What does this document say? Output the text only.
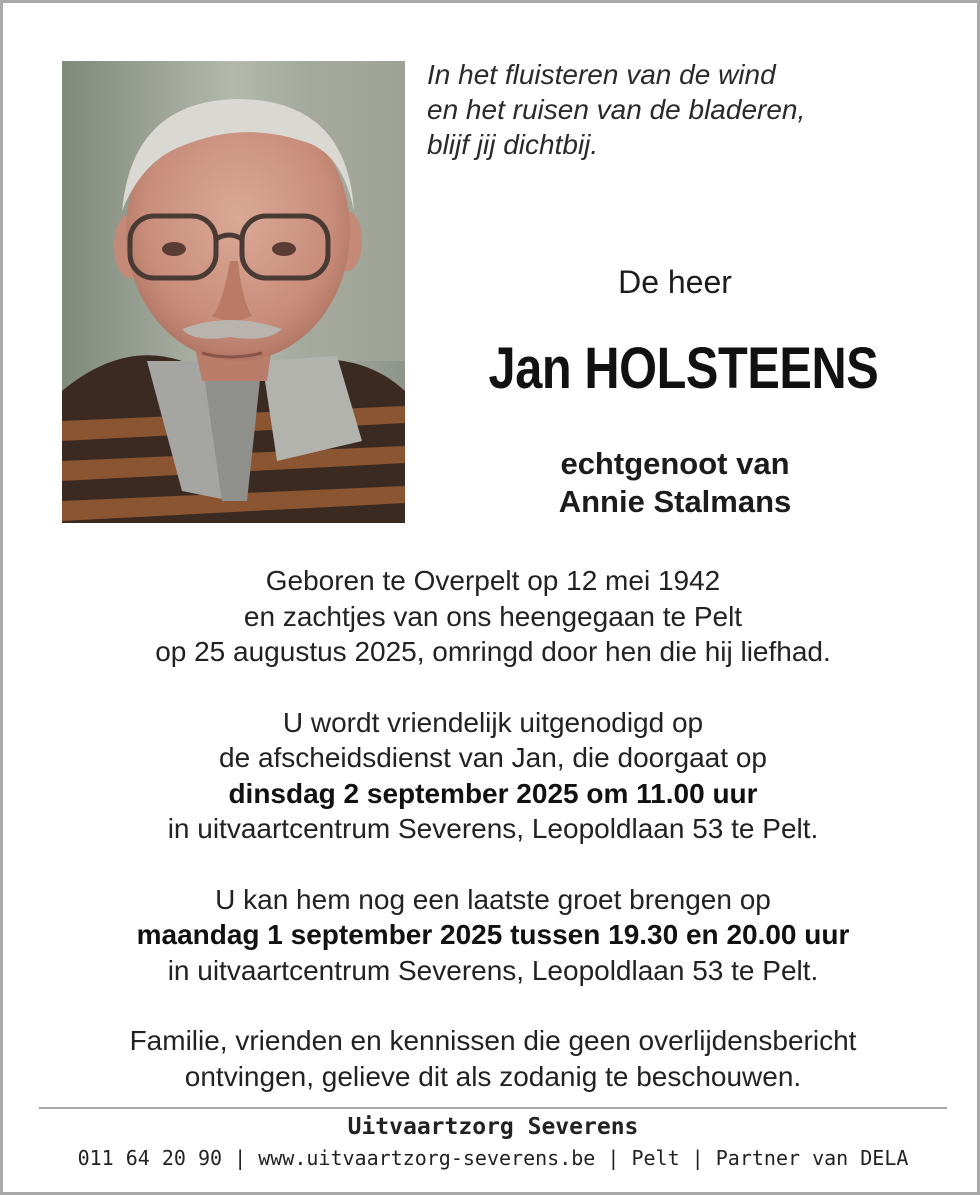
In het fluisteren van de wind
en het ruisen van de bladeren,
blijf jij dichtbij.
De heer
Jan HOLSTEENS
echtgenoot van
Annie Stalmans
Geboren te Overpelt op 12 mei 1942
en zachtjes van ons heengegaan te Pelt
op 25 augustus 2025, omringd door hen die hij liefhad.
U wordt vriendelijk uitgenodigd op
de afscheidsdienst van Jan, die doorgaat op
dinsdag 2 september 2025 om 11.00 uur
in uitvaartcentrum Severens, Leopoldlaan 53 te Pelt.
U kan hem nog een laatste groet brengen op
maandag 1 september 2025 tussen 19.30 en 20.00 uur
in uitvaartcentrum Severens, Leopoldlaan 53 te Pelt.
Familie, vrienden en kennissen die geen overlijdensbericht
ontvingen, gelieve dit als zodanig te beschouwen.
Uitvaartzorg Severens
011 64 20 90 | www.uitvaartzorg-severens.be | Pelt | Partner van DELA
